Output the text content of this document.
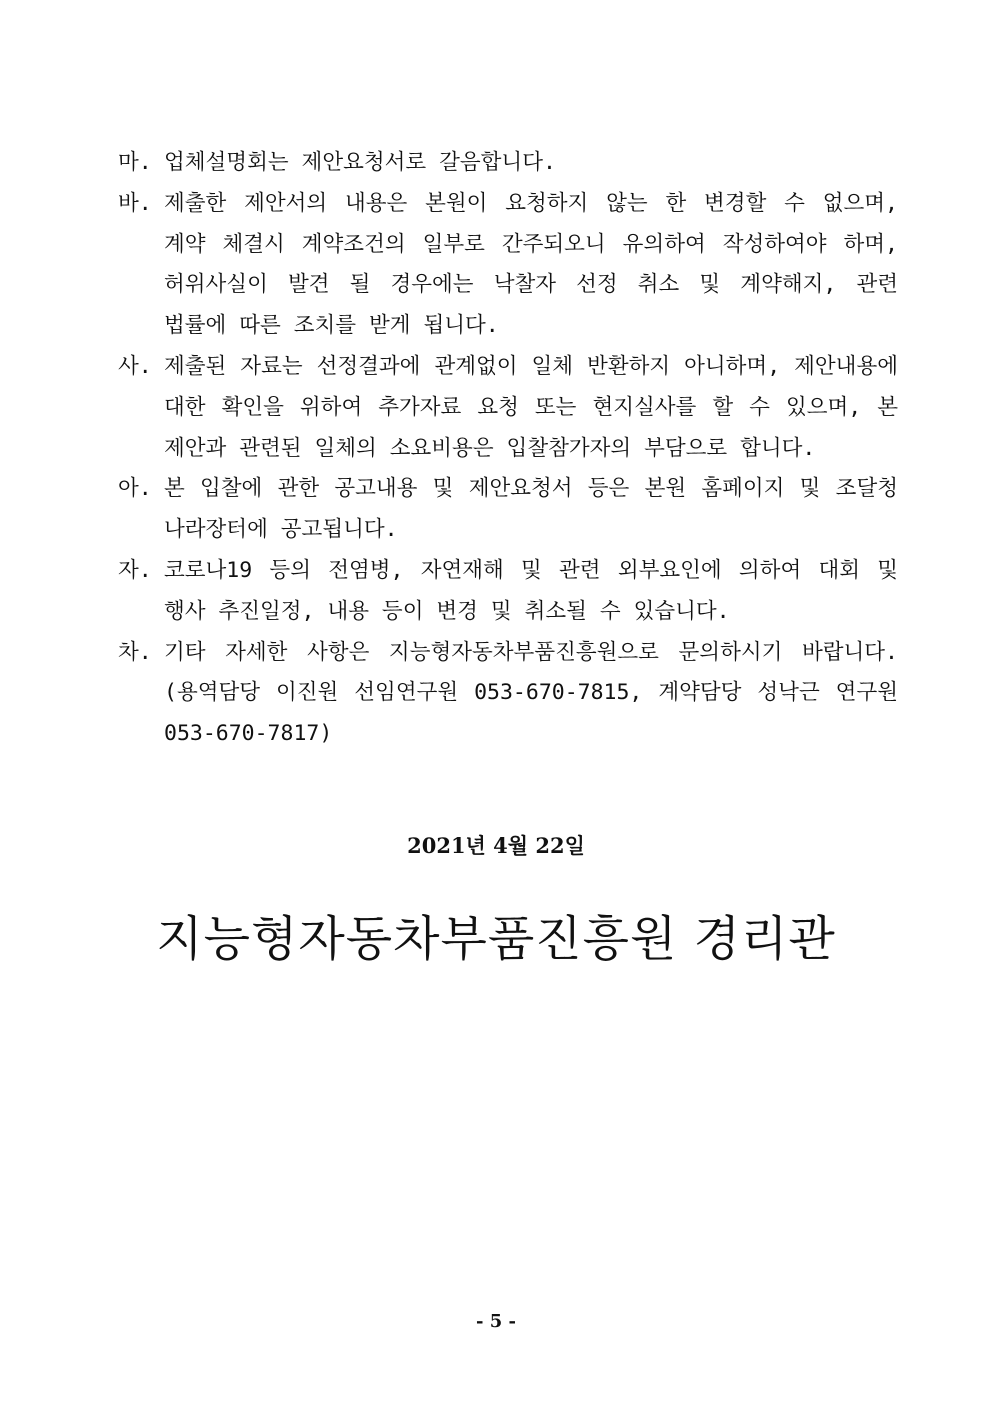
마. 업체설명회는 제안요청서로 갈음합니다.
바. 제출한 제안서의 내용은 본원이 요청하지 않는 한 변경할 수 없으며, 계약 체결시 계약조건의 일부로 간주되오니 유의하여 작성하여야 하며, 허위사실이 발견 될 경우에는 낙찰자 선정 취소 및 계약해지, 관련 법률에 따른 조치를 받게 됩니다.
사. 제출된 자료는 선정결과에 관계없이 일체 반환하지 아니하며, 제안내용에 대한 확인을 위하여 추가자료 요청 또는 현지실사를 할 수 있으며, 본 제안과 관련된 일체의 소요비용은 입찰참가자의 부담으로 합니다.
아. 본 입찰에 관한 공고내용 및 제안요청서 등은 본원 홈페이지 및 조달청 나라장터에 공고됩니다.
자. 코로나19 등의 전염병, 자연재해 및 관련 외부요인에 의하여 대회 및 행사 추진일정, 내용 등이 변경 및 취소될 수 있습니다.
차. 기타 자세한 사항은 지능형자동차부품진흥원으로 문의하시기 바랍니다.(용역담당 이진원 선임연구원 053-670-7815, 계약담당 성낙근 연구원 053-670-7817)
2021년 4월 22일
지능형자동차부품진흥원 경리관
- 5 -
